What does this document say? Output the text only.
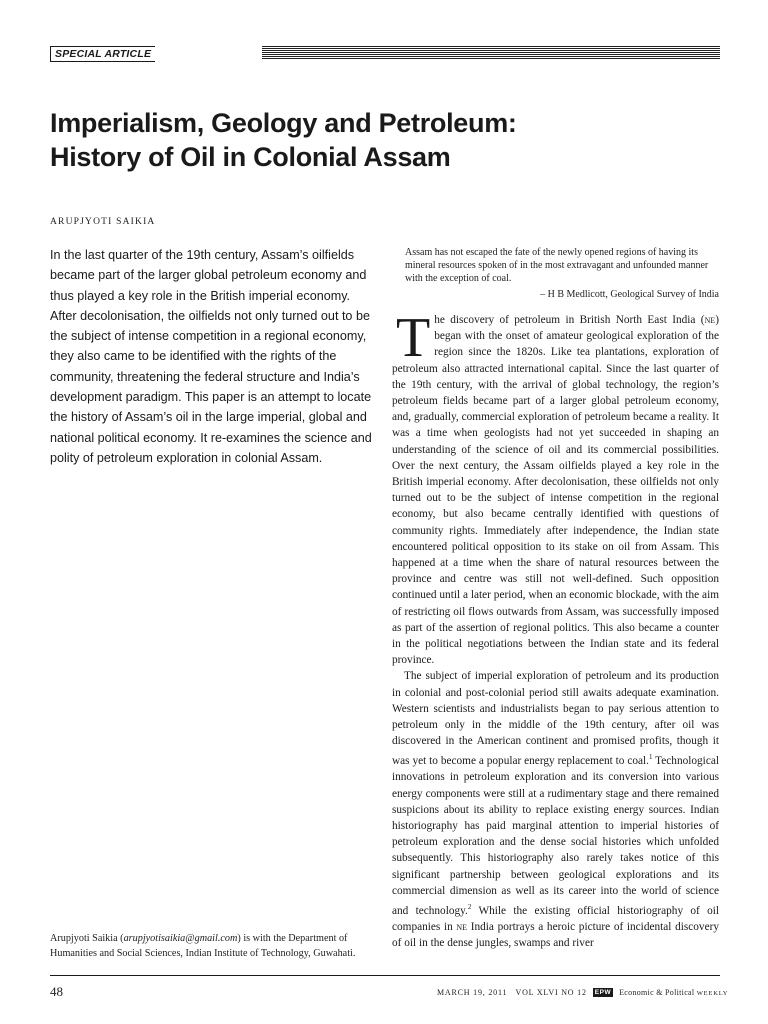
SPECIAL ARTICLE
Imperialism, Geology and Petroleum:
History of Oil in Colonial Assam
ARUPJYOTI SAIKIA

In the last quarter of the 19th century, Assam’s oilfields became part of the larger global petroleum economy and thus played a key role in the British imperial economy. After decolonisation, the oilfields not only turned out to be the subject of intense competition in a regional economy, they also came to be identified with the rights of the community, threatening the federal structure and India’s development paradigm. This paper is an attempt to locate the history of Assam’s oil in the large imperial, global and national political economy. It re-examines the science and polity of petroleum exploration in colonial Assam.

Arupjyoti Saikia (arupjyotisaikia@gmail.com) is with the Department of Humanities and Social Sciences, Indian Institute of Technology, Guwahati.

Assam has not escaped the fate of the newly opened regions of having its mineral resources spoken of in the most extravagant and unfounded manner with the exception of coal.

– H B Medlicott, Geological Survey of India

The discovery of petroleum in British North East India (ne) began with the onset of amateur geological exploration of the region since the 1820s. Like tea plantations, exploration of petroleum also attracted international capital. Since the last quarter of the 19th century, with the arrival of global technology, the region’s petroleum fields became part of a larger global petroleum economy, and, gradually, commercial exploration of petroleum became a reality. It was a time when geologists had not yet succeeded in shaping an understanding of the science of oil and its commercial possibilities. Over the next century, the Assam oilfields played a key role in the British imperial economy. After decolonisation, these oilfields not only turned out to be the subject of intense competition in the regional economy, but also became centrally identified with questions of community rights. Immediately after independence, the Indian state encountered political opposition to its stake on oil from Assam. This happened at a time when the share of natural resources between the province and centre was still not well-defined. Such opposition continued until a later period, when an economic blockade, with the aim of restricting oil flows outwards from Assam, was successfully imposed as part of the assertion of regional politics. This also became a counter in the political negotiations between the Indian state and its federal province.

The subject of imperial exploration of petroleum and its production in colonial and post-colonial period still awaits adequate examination. Western scientists and industrialists began to pay serious attention to petroleum only in the middle of the 19th century, after oil was discovered in the American continent and promised profits, though it was yet to become a popular energy replacement to coal.$^1$ Technological innovations in petroleum exploration and its conversion into various energy components were still at a rudimentary stage and there remained suspicions about its ability to replace existing energy sources. Indian historiography has paid marginal attention to imperial histories of petroleum exploration and the dense social histories which unfolded subsequently. This historiography also rarely takes notice of this significant partnership between geological explorations and its commercial dimension as well as its career into the world of science and technology.$^2$ While the existing official historiography of oil companies in ne India portrays a heroic picture of incidental discovery of oil in the dense jungles, swamps and river

48	MARCH 19, 2011   VOL XLVI NO 12 EPW Economic & Political WEEKLY
